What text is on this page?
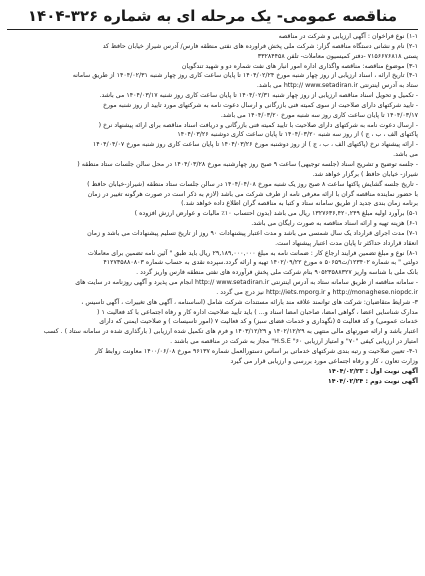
مناقصه عمومی- یک مرحله ای به شماره ۳۲۶-۱۴۰۴
۱-۱) نوع فراخوان : آگهی ارزیابی و شرکت در مناقصه
۲-۱) نام و نشانی دستگاه مناقصه گزار: شرکت ملی پخش فراورده های نفتی منطقه فارس/ آدرس شیراز خیابان حافظ کد
پستی ۷۱۵۶۶۷۶۸۱۸ -دفتر کمیسیون معاملات- تلفن ۳۳۲۸۴۴۵۸
۳-۱) موضوع مناقصه: مناقصه واگذاری اداره امور انبار های نفت شماره دو و شهید تندگویان
۴-۱) تاریخ ارائه ، اسناد ارزیابی از روز چهار شنبه مورخ ۱۴۰۴/۰۲/۲۴ تا پایان ساعت کاری روز چهار شنبه ۱۴۰۴/۰۲/۳۱ از طریق سامانه
ستاد به آدرس اینترنتی http:// www.setadiran.ir می باشد.
- تکمیل و تحویل اسناد مناقصه ارزیابی از روز چهار شنبه ۱۴۰۴/۰۲/۳۱ تا پایان ساعت کاری روز شنبه ۱۴۰۴/۰۳/۱۷ می باشد.
- تایید شرکتهای دارای صلاحیت از سوی کمیته فنی بازرگانی و ارسال دعوت نامه به شرکتهای مورد تایید از روز شنبه مورخ
۱۴۰۴/۰۳/۱۷ تا پایان ساعت کاری روز سه شنبه مورخ ۱۴۰۴/۰۳/۲۰ می باشد.
- ارسال دعوت نامه به شرکتهای دارای صلاحیت با تایید کمیته فنی بازرگانی و دریافت اسناد مناقصه برای ارائه پیشنهاد نرخ (
پاکتهای الف ، ب ، ج ) از روز سه شنبه ۱۴۰۴/۰۳/۲۰ تا پایان ساعت کاری دوشنبه ۱۴۰۴/۰۳/۲۶
- ارائه پیشنهاد نرخ (پاکتهای الف ، ب ، ج ) از روز دوشنبه مورخ ۱۴۰۴/۰۳/۲۶ تا پایان ساعت کاری روز شنبه مورخ ۱۴۰۴/۰۴/۰۷
می باشد.
- جلسه توضیح و تشریح اسناد (جلسه توجیهی) ساعت ۹ صبح روز چهارشنبه مورخ ۱۴۰۴/۰۳/۲۸ در محل سالن جلسات ستاد منطقه (
شیراز- خیابان حافظ ) برگزار خواهد شد.
- تاریخ جلسه گشایش پاکتها ساعت ۸ صبح روز یک شنبه مورخ ۱۴۰۴/۰۴/۰۸ در سالن جلسات ستاد منطقه (شیراز-خیابان حافظ )
با حضور نماینده مناقصه گران با ارائه معرفی نامه از طرف شرکت می باشد (لازم به ذکر است در صورت هرگونه تغییر در زمان
برنامه زمان بندی جدید از طریق سامانه ستاد و کتبا به مناقصه گران اطلاع داده خواهد شد.)
۵-۱) برآورد اولیه مبلغ ۱۳۲۷۶۳۶,۴۲۰,۲۴۹ ریال می باشد (بدون احتساب ۱۰٪ مالیات و عوارض ارزش افزوده )
۶-۱) هزینه تهیه و ارائه اسناد مناقصه به صورت رایگان می باشد.
۷-۱) مدت اجرای قرارداد یک سال شمسی می باشد و مدت اعتبار پیشنهادات ۹۰ روز از تاریخ تسلیم پیشنهادات می باشد و زمان
انعقاد قرارداد حداکثر تا پایان مدت اعتبار پیشنهاد است.
۸-۱) نوع و مبلغ تضمین فرایند ارجاع کار : ضمانت نامه به مبلغ ۲۹,۱۸۹,۰۰۰,۰۰۰ ریال باید طبق " آئین نامه تضمین برای معاملات
دولتی " به شماره ۱۲۳۴۰۲/ت۵۰۶۵۹ ه مورخ ۱۴۰۲/۰۹/۲۲ تهیه و ارائه گردد.سپرده نقدی به حساب شماره ۴۱۲۷۳۵۸۸۰۸۰۳
بانک ملی با شناسه واریز ۹۰۵۲۳۵۸۸۳۲۷ بنام شرکت ملی پخش فرآورده های نفتی منطقه فارس واریز گردد .
- سامانه مناقصه از طریق سامانه ستاد به آدرس اینترنتی http:// www.setadiran.ir انجام می پذیرد و آگهی روزنامه در سایت های
http://monaghese.niopdc.ir و http://iets.mporg.ir نیز درج می گردد .
۳- شرایط متقاضیان: شرکت های توانمند علاقه مند بارائه مستندات شرکت شامل (اساسنامه ، آگهی های تغییرات ، آگهی تاسیس ،
مدارک شناسایی اعضا ، گواهی امضا، صاحبان امضا اسناد و... ) باید تأیید صلاحیت اداره کار و رفاه اجتماعی با کد فعالیت ۱ (
خدمات عمومی) و کد فعالیت ۵ (نگهداری و خدمات فضای سبز) و کد فعالیت ۷ (امور تاسیسات ) و صلاحیت ایمنی که دارای
اعتبار باشد و ارائه صورتهای مالی منتهی به ۱۴۰۲/۱۲/۲۹ و ۱۴۰۳/۱۲/۲۹ و فرم های تکمیل شده ارزیابی ( بارگذاری شده در سامانه ستاد ) . کسب
امتیاز در ارزیابی کیفی "۷۰" و امتیاز ارزیابی H.S.E "۶۰" مجاز به شرکت در مناقصه می باشند .
۴-۱- تعیین صلاحیت و رتبه بندی شرکتهای خدماتی بر اساس دستورالعمل شماره ۹۶۱۳۷ مورخ ۱۴۰۰/۰۶/۰۸ معاونت روابط کار
وزارت تعاون ، کار و رفاه اجتماعی مورد بررسی و ارزیابی قرار می گیرد
آگهی نوبت اول : ۱۴۰۴/۰۲/۲۳
آگهی نوبت دوم : ۱۴۰۴/۰۲/۲۴
